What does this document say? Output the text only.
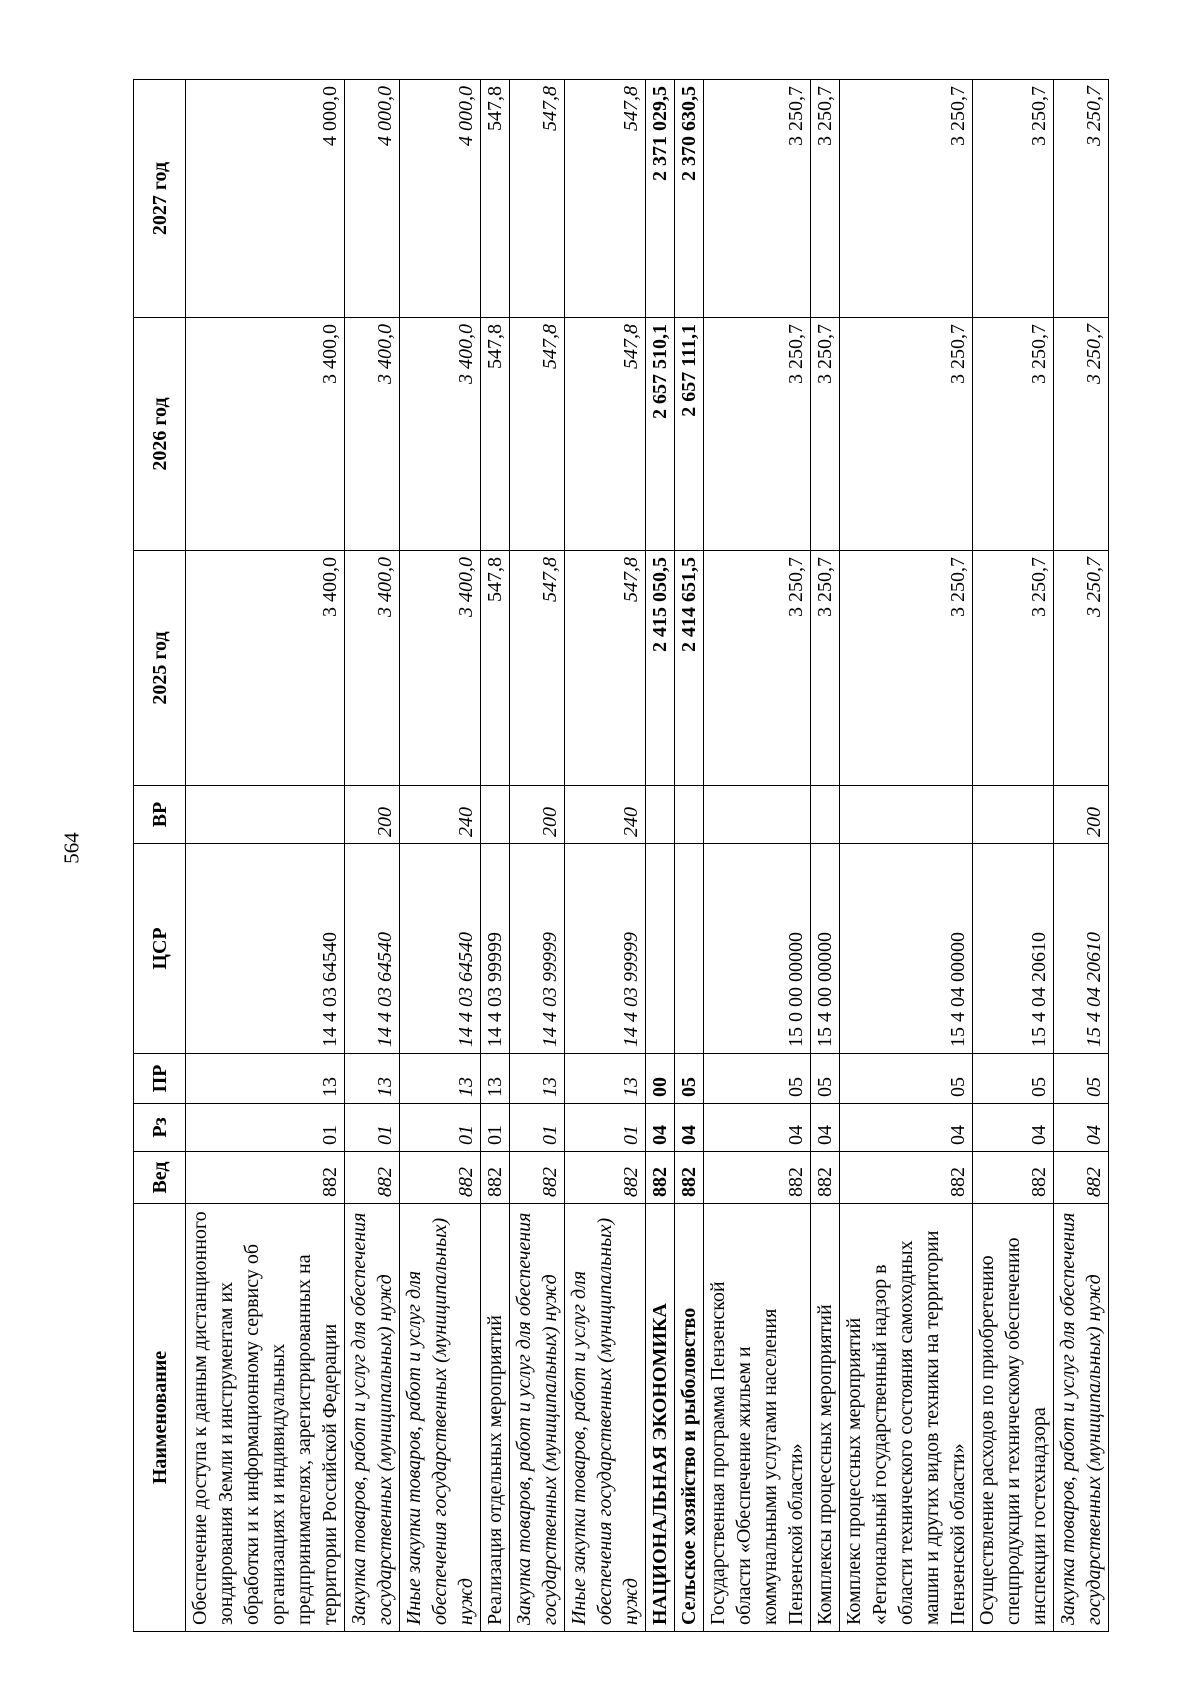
564
Наименование	Вед	Рз	ПР	ЦСР	ВР	2025 год	2026 год	2027 год
Обеспечение доступа к данным дистанционного зондирования Земли и инструментам их обработки и к информационному сервису об организациях и индивидуальных предпринимателях, зарегистрированных на территории Российской Федерации	882	01	13	14 4 03 64540		3 400,0	3 400,0	4 000,0
Закупка товаров, работ и услуг для обеспечения государственных (муниципальных) нужд	882	01	13	14 4 03 64540	200	3 400,0	3 400,0	4 000,0
Иные закупки товаров, работ и услуг для обеспечения государственных (муниципальных) нужд	882	01	13	14 4 03 64540	240	3 400,0	3 400,0	4 000,0
Реализация отдельных мероприятий	882	01	13	14 4 03 99999		547,8	547,8	547,8
Закупка товаров, работ и услуг для обеспечения государственных (муниципальных) нужд	882	01	13	14 4 03 99999	200	547,8	547,8	547,8
Иные закупки товаров, работ и услуг для обеспечения государственных (муниципальных) нужд	882	01	13	14 4 03 99999	240	547,8	547,8	547,8
НАЦИОНАЛЬНАЯ ЭКОНОМИКА	882	04	00			2 415 050,5	2 657 510,1	2 371 029,5
Сельское хозяйство и рыболовство	882	04	05			2 414 651,5	2 657 111,1	2 370 630,5
Государственная программа Пензенской области «Обеспечение жильем и коммунальными услугами населения Пензенской области»	882	04	05	15 0 00 00000		3 250,7	3 250,7	3 250,7
Комплексы процессных мероприятий	882	04	05	15 4 00 00000		3 250,7	3 250,7	3 250,7
Комплекс процессных мероприятий «Региональный государственный надзор в области технического состояния самоходных машин и других видов техники на территории Пензенской области»	882	04	05	15 4 04 00000		3 250,7	3 250,7	3 250,7
Осуществление расходов по приобретению спецпродукции и техническому обеспечению инспекции гостехнадзора	882	04	05	15 4 04 20610		3 250,7	3 250,7	3 250,7
Закупка товаров, работ и услуг для обеспечения государственных (муниципальных) нужд	882	04	05	15 4 04 20610	200	3 250,7	3 250,7	3 250,7
